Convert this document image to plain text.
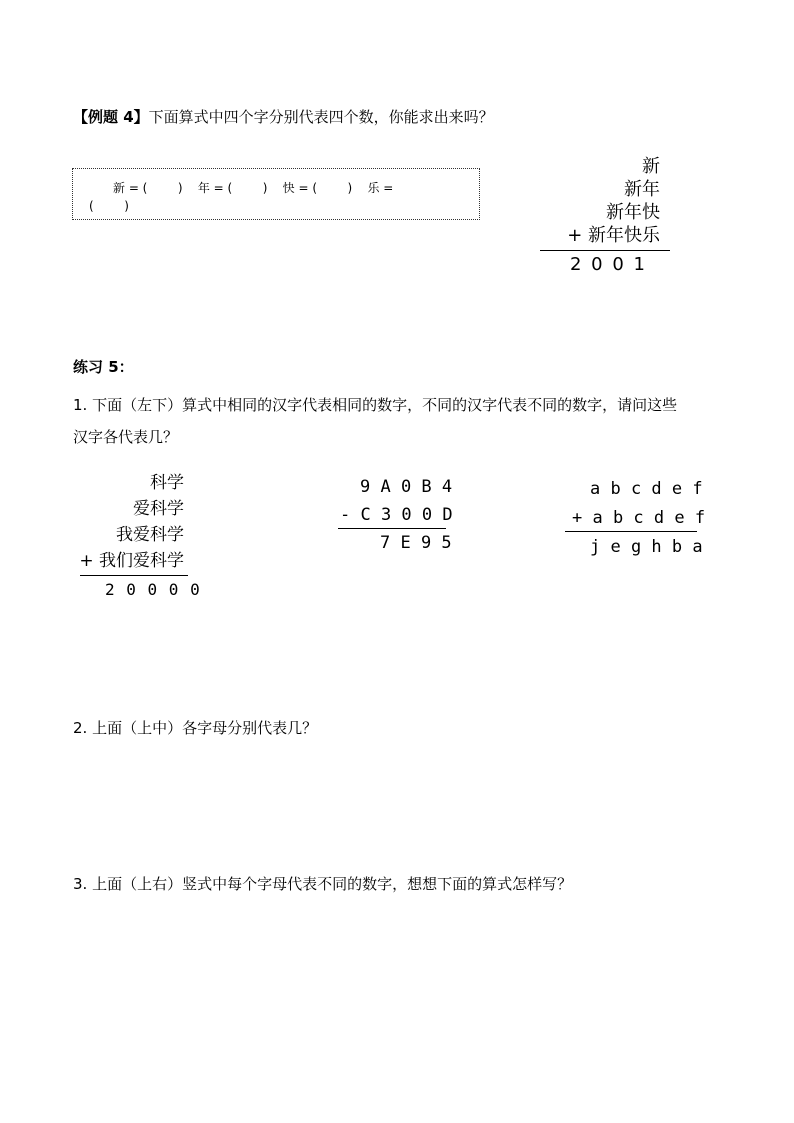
【例题 4】下面算式中四个字分别代表四个数，你能求出来吗？
新 = (        )    年 = (        )    快 = (        )    乐 =
(        )
新
新年
新年快
+ 新年快乐
2 0 0 1
练习 5：
1. 下面（左下）算式中相同的汉字代表相同的数字，不同的汉字代表不同的数字，请问这些
汉字各代表几？
科学
爱科学
我爱科学
+ 我们爱科学
2 0 0 0 0
9 A 0 B 4
- C 3 0 0 D
7 E 9 5
a b c d e f
+ a b c d e f
j e g h b a
2. 上面（上中）各字母分别代表几？
3. 上面（上右）竖式中每个字母代表不同的数字，想想下面的算式怎样写？
